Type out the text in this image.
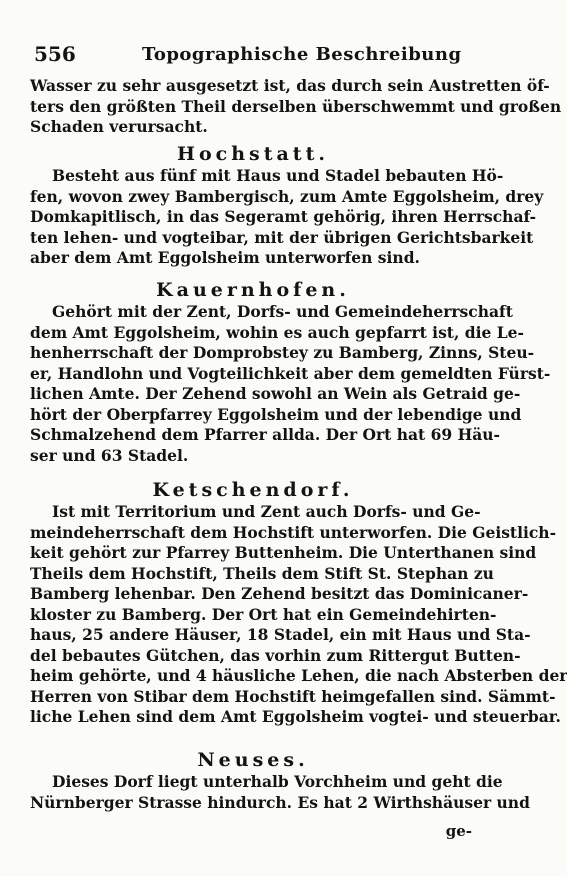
556	Topographische Beschreibung
Wasser zu sehr ausgesetzt ist, das durch sein Austretten öf-
ters den größten Theil derselben überschwemmt und großen
Schaden verursacht.
Hochstatt.
Besteht aus fünf mit Haus und Stadel bebauten Hö-
fen, wovon zwey Bambergisch, zum Amte Eggolsheim, drey
Domkapitlisch, in das Segeramt gehörig, ihren Herrschaf-
ten lehen- und vogteibar, mit der übrigen Gerichtsbarkeit
aber dem Amt Eggolsheim unterworfen sind.
Kauernhofen.
Gehört mit der Zent, Dorfs- und Gemeindeherrschaft
dem Amt Eggolsheim, wohin es auch gepfarrt ist, die Le-
henherrschaft der Domprobstey zu Bamberg, Zinns, Steu-
er, Handlohn und Vogteilichkeit aber dem gemeldten Fürst-
lichen Amte. Der Zehend sowohl an Wein als Getraid ge-
hört der Oberpfarrey Eggolsheim und der lebendige und
Schmalzehend dem Pfarrer allda. Der Ort hat 69 Häu-
ser und 63 Stadel.
Ketschendorf.
Ist mit Territorium und Zent auch Dorfs- und Ge-
meindeherrschaft dem Hochstift unterworfen. Die Geistlich-
keit gehört zur Pfarrey Buttenheim. Die Unterthanen sind
Theils dem Hochstift, Theils dem Stift St. Stephan zu
Bamberg lehenbar. Den Zehend besitzt das Dominicaner-
kloster zu Bamberg. Der Ort hat ein Gemeindehirten-
haus, 25 andere Häuser, 18 Stadel, ein mit Haus und Sta-
del bebautes Gütchen, das vorhin zum Rittergut Butten-
heim gehörte, und 4 häusliche Lehen, die nach Absterben der
Herren von Stibar dem Hochstift heimgefallen sind. Sämmt-
liche Lehen sind dem Amt Eggolsheim vogtei- und steuerbar.
Neuses.
Dieses Dorf liegt unterhalb Vorchheim und geht die
Nürnberger Strasse hindurch. Es hat 2 Wirthshäuser und
ge-
